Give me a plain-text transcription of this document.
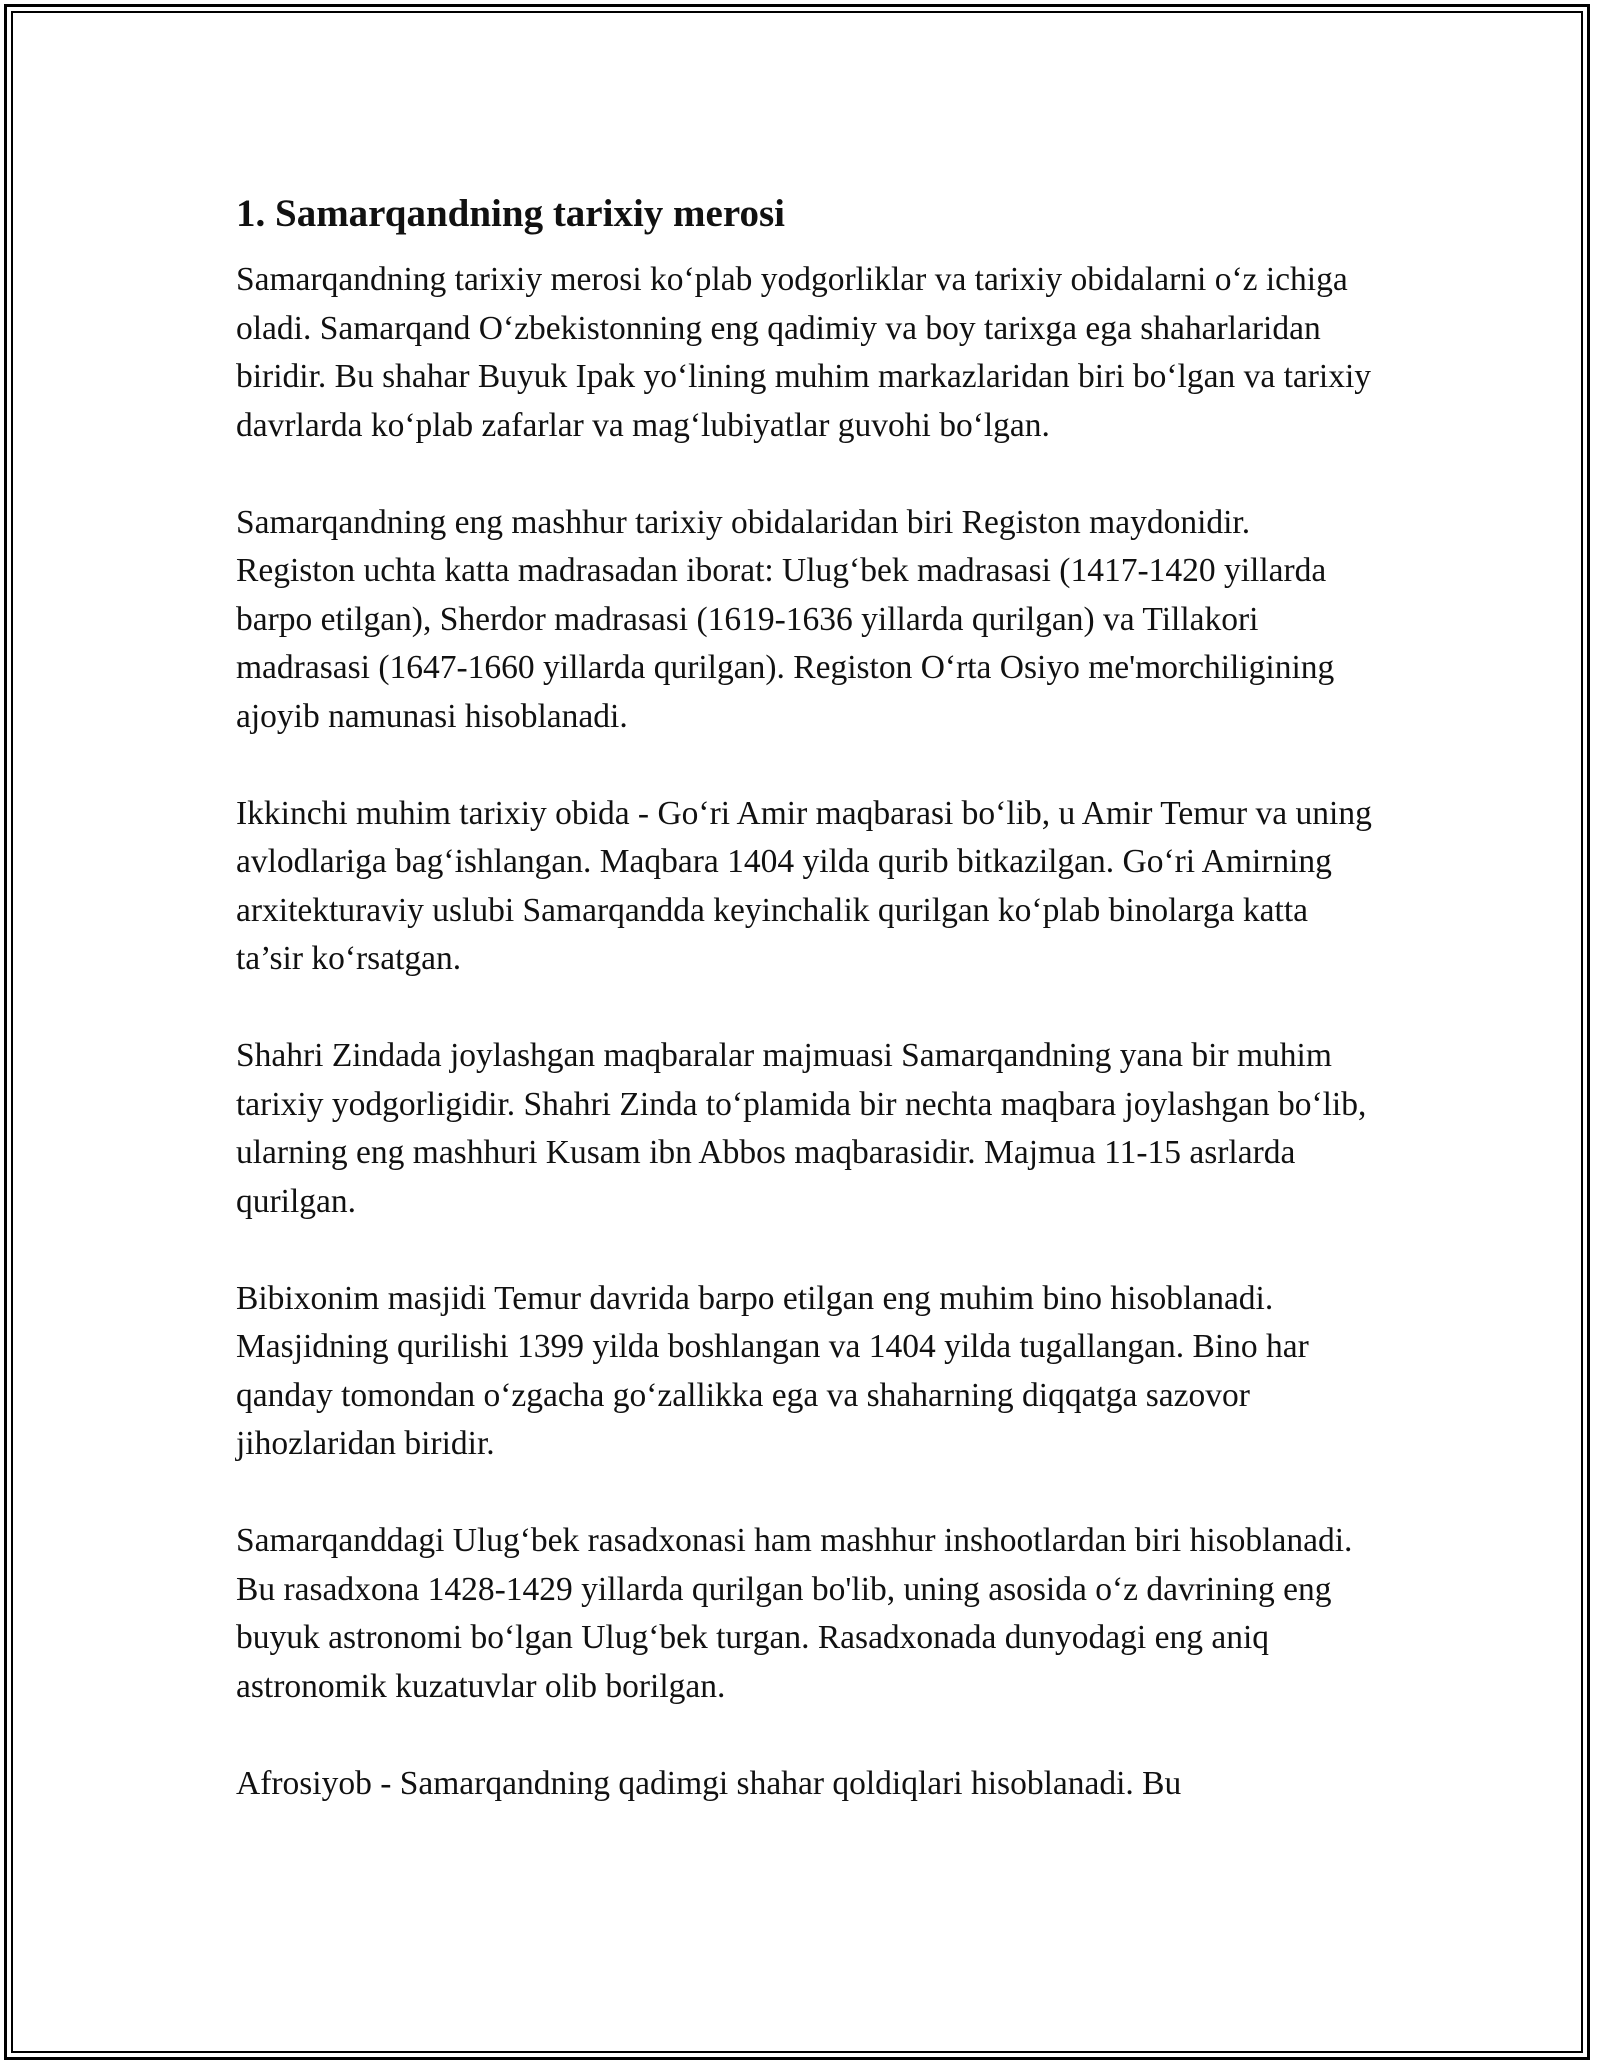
1. Samarqandning tarixiy merosi

Samarqandning tarixiy merosi ko‘plab yodgorliklar va tarixiy obidalarni o‘z ichiga oladi. Samarqand O‘zbekistonning eng qadimiy va boy tarixga ega shaharlaridan biridir. Bu shahar Buyuk Ipak yo‘lining muhim markazlaridan biri bo‘lgan va tarixiy davrlarda ko‘plab zafarlar va mag‘lubiyatlar guvohi bo‘lgan.

Samarqandning eng mashhur tarixiy obidalaridan biri Registon maydonidir. Registon uchta katta madrasadan iborat: Ulug‘bek madrasasi (1417-1420 yillarda barpo etilgan), Sherdor madrasasi (1619-1636 yillarda qurilgan) va Tillakori madrasasi (1647-1660 yillarda qurilgan). Registon O‘rta Osiyo me'morchiligining ajoyib namunasi hisoblanadi.

Ikkinchi muhim tarixiy obida - Go‘ri Amir maqbarasi bo‘lib, u Amir Temur va uning avlodlariga bag‘ishlangan. Maqbara 1404 yilda qurib bitkazilgan. Go‘ri Amirning arxitekturaviy uslubi Samarqandda keyinchalik qurilgan ko‘plab binolarga katta ta’sir ko‘rsatgan.

Shahri Zindada joylashgan maqbaralar majmuasi Samarqandning yana bir muhim tarixiy yodgorligidir. Shahri Zinda to‘plamida bir nechta maqbara joylashgan bo‘lib, ularning eng mashhuri Kusam ibn Abbos maqbarasidir. Majmua 11-15 asrlarda qurilgan.

Bibixonim masjidi Temur davrida barpo etilgan eng muhim bino hisoblanadi. Masjidning qurilishi 1399 yilda boshlangan va 1404 yilda tugallangan. Bino har qanday tomondan o‘zgacha go‘zallikka ega va shaharning diqqatga sazovor jihozlaridan biridir.

Samarqanddagi Ulug‘bek rasadxonasi ham mashhur inshootlardan biri hisoblanadi. Bu rasadxona 1428-1429 yillarda qurilgan bo'lib, uning asosida o‘z davrining eng buyuk astronomi bo‘lgan Ulug‘bek turgan. Rasadxonada dunyodagi eng aniq astronomik kuzatuvlar olib borilgan.

Afrosiyob - Samarqandning qadimgi shahar qoldiqlari hisoblanadi. Bu
